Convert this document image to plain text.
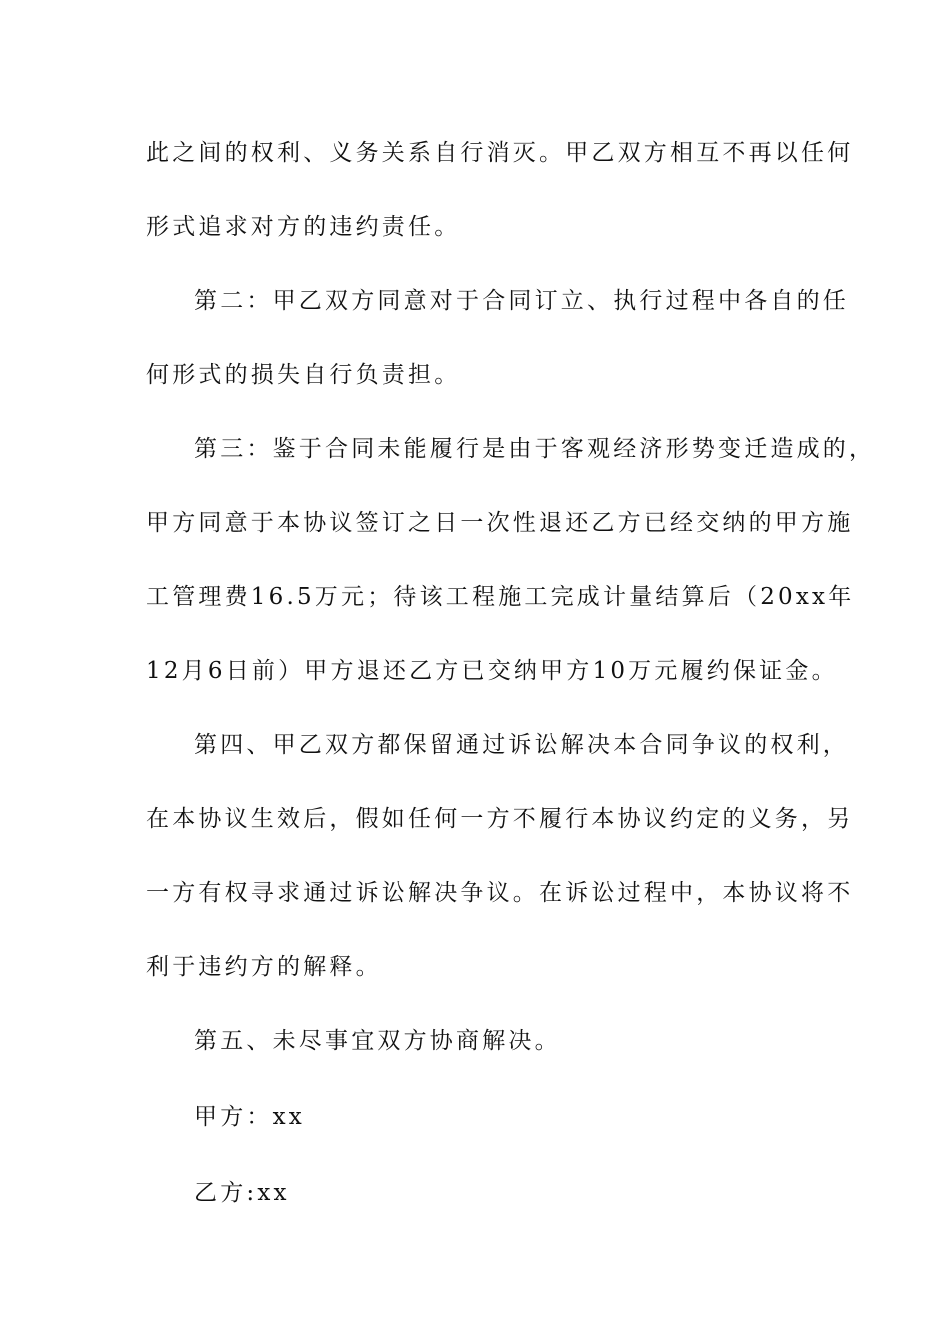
此之间的权利、义务关系自行消灭。甲乙双方相互不再以任何
形式追求对方的违约责任。
第二：甲乙双方同意对于合同订立、执行过程中各自的任
何形式的损失自行负责担。
第三：鉴于合同未能履行是由于客观经济形势变迁造成的，
甲方同意于本协议签订之日一次性退还乙方已经交纳的甲方施
工管理费16.5万元；待该工程施工完成计量结算后（20xx年
12月6日前）甲方退还乙方已交纳甲方10万元履约保证金。
第四、甲乙双方都保留通过诉讼解决本合同争议的权利，
在本协议生效后，假如任何一方不履行本协议约定的义务，另
一方有权寻求通过诉讼解决争议。在诉讼过程中，本协议将不
利于违约方的解释。
第五、未尽事宜双方协商解决。
甲方：xx
乙方:xx
